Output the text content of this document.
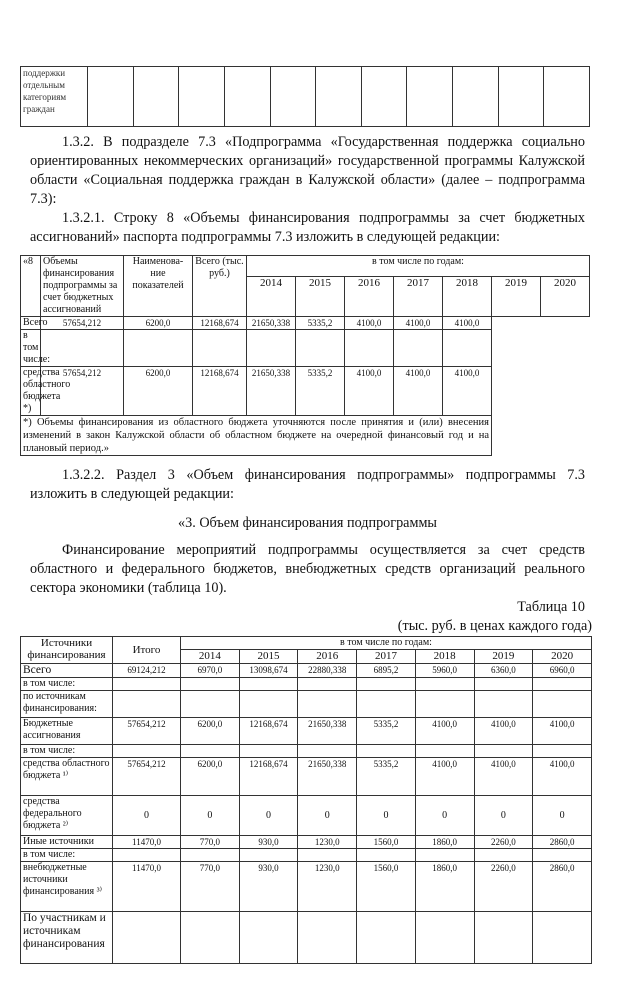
поддержки отдельным категориям граждан											
1.3.2. В подразделе 7.3 «Подпрограмма «Государственная поддержка социально ориентированных некоммерческих организаций» государственной программы Калужской области «Социальная поддержка граждан в Калужской области» (далее – подпрограмма 7.3):
1.3.2.1. Строку 8 «Объемы финансирования подпрограммы за счет бюджетных ассигнований» паспорта подпрограммы 7.3 изложить в следующей редакции:
«8	Объемы финансирования подпрограммы за счет бюджетных ассигнований	Наименова-ние показателей	Всего (тыс. руб.)	в том числе по годам:						
				2014	2015	2016	2017	2018	2019	2020
Всего	57654,212	6200,0	12168,674	21650,338	5335,2	4100,0	4100,0	4100,0		
в том числе:										
средства областного бюджета *)	57654,212	6200,0	12168,674	21650,338	5335,2	4100,0	4100,0	4100,0		
*) Объемы финансирования из областного бюджета уточняются после принятия и (или) внесения изменений в закон Калужской области об областном бюджете на очередной финансовый год и на плановый период.»										
1.3.2.2. Раздел 3 «Объем финансирования подпрограммы» подпрограммы 7.3 изложить в следующей редакции:
«3. Объем финансирования подпрограммы
Финансирование мероприятий подпрограммы осуществляется за счет средств областного и федерального бюджетов, внебюджетных средств организаций реального сектора экономики (таблица 10).
Таблица 10
(тыс. руб. в ценах каждого года)
Источники финансирования	Итого	в том числе по годам:						
		2014	2015	2016	2017	2018	2019	2020
Всего	69124,212	6970,0	13098,674	22880,338	6895,2	5960,0	6360,0	6960,0
в том числе:								
по источникам финансирования:								
Бюджетные ассигнования	57654,212	6200,0	12168,674	21650,338	5335,2	4100,0	4100,0	4100,0
в том числе:								
средства областного бюджета ¹⁾	57654,212	6200,0	12168,674	21650,338	5335,2	4100,0	4100,0	4100,0
средства федерального бюджета ²⁾	0	0	0	0	0	0	0	0
Иные источники	11470,0	770,0	930,0	1230,0	1560,0	1860,0	2260,0	2860,0
в том числе:								
внебюджетные источники финансирования ³⁾	11470,0	770,0	930,0	1230,0	1560,0	1860,0	2260,0	2860,0
По участникам и источникам финансирования								
